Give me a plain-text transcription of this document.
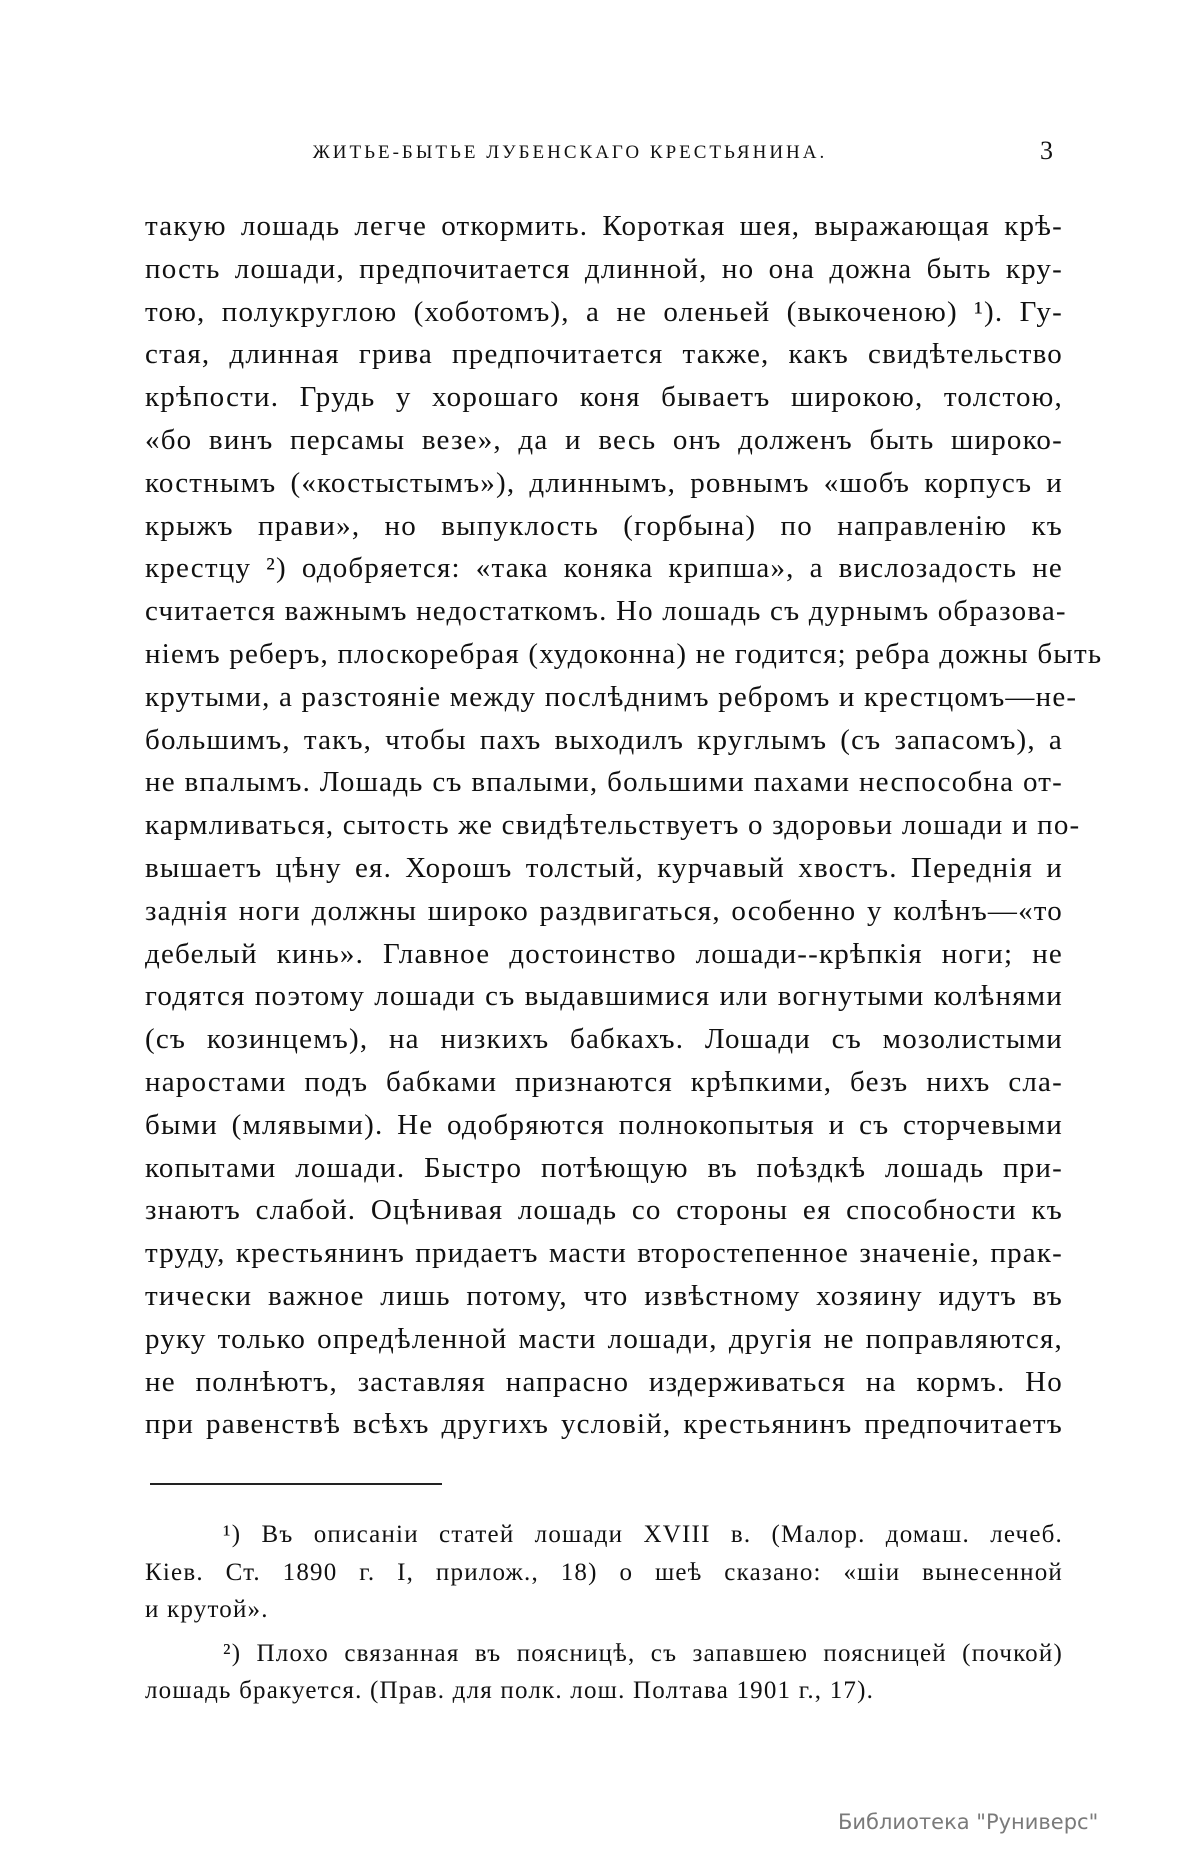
ЖИТЬЕ-БЫТЬЕ ЛУБЕНСКАГО КРЕСТЬЯНИНА.	3
такую лошадь легче откормить. Короткая шея, выражающая крѣ-
пость лошади, предпочитается длинной, но она дожна быть кру-
тою, полукруглою (хоботомъ), а не оленьей (выкоченою) ¹). Гу-
стая, длинная грива предпочитается также, какъ свидѣтельство
крѣпости. Грудь у хорошаго коня бываетъ широкою, толстою,
«бо винъ персамы везе», да и весь онъ долженъ быть широко-
костнымъ («костыстымъ»), длиннымъ, ровнымъ «шобъ корпусъ и
крыжъ прави», но выпуклость (горбына) по направленію къ
крестцу ²) одобряется: «така коняка крипша», а вислозадость не
считается важнымъ недостаткомъ. Но лошадь съ дурнымъ образова-
ніемъ реберъ, плоскоребрая (худоконна) не годится; ребра дожны быть
крутыми, а разстояніе между послѣднимъ ребромъ и крестцомъ—не-
большимъ, такъ, чтобы пахъ выходилъ круглымъ (съ запасомъ), а
не впалымъ. Лошадь съ впалыми, большими пахами неспособна от-
кармливаться, сытость же свидѣтельствуетъ о здоровьи лошади и по-
вышаетъ цѣну ея. Хорошъ толстый, курчавый хвостъ. Переднія и
заднія ноги должны широко раздвигаться, особенно у колѣнъ—«то
дебелый кинь». Главное достоинство лошади--крѣпкія ноги; не
годятся поэтому лошади съ выдавшимися или вогнутыми колѣнями
(съ козинцемъ), на низкихъ бабкахъ. Лошади съ мозолистыми
наростами подъ бабками признаются крѣпкими, безъ нихъ сла-
быми (млявыми). Не одобряются полнокопытыя и съ сторчевыми
копытами лошади. Быстро потѣющую въ поѣздкѣ лошадь при-
знаютъ слабой. Оцѣнивая лошадь со стороны ея способности къ
труду, крестьянинъ придаетъ масти второстепенное значеніе, прак-
тически важное лишь потому, что извѣстному хозяину идутъ въ
руку только опредѣленной масти лошади, другія не поправляются,
не полнѣютъ, заставляя напрасно издерживаться на кормъ. Но
при равенствѣ всѣхъ другихъ условій, крестьянинъ предпочитаетъ
¹) Въ описаніи статей лошади XVIII в. (Малор. домаш. лечеб.
Кіев. Ст. 1890 г. I, прилож., 18) о шеѣ сказано: «шіи вынесенной
и крутой».
²) Плохо связанная въ поясницѣ, съ запавшею поясницей (почкой)
лошадь бракуется. (Прав. для полк. лош. Полтава 1901 г., 17).
Библиотека "Руниверс"
